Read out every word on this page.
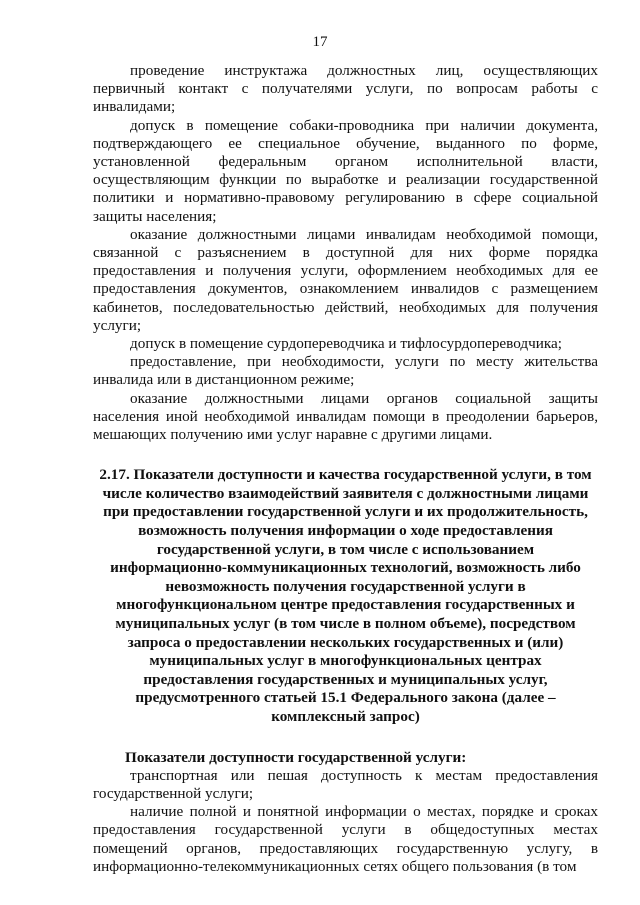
17

проведение инструктажа должностных лиц, осуществляющих первичный контакт с получателями услуги, по вопросам работы с инвалидами;

допуск в помещение собаки-проводника при наличии документа, подтверждающего ее специальное обучение, выданного по форме, установленной федеральным органом исполнительной власти, осуществляющим функции по выработке и реализации государственной политики и нормативно-правовому регулированию в сфере социальной защиты населения;

оказание должностными лицами инвалидам необходимой помощи, связанной с разъяснением в доступной для них форме порядка предоставления и получения услуги, оформлением необходимых для ее предоставления документов, ознакомлением инвалидов с размещением кабинетов, последовательностью действий, необходимых для получения услуги;

допуск в помещение сурдопереводчика и тифлосурдопереводчика;

предоставление, при необходимости, услуги по месту жительства инвалида или в дистанционном режиме;

оказание должностными лицами органов социальной защиты населения иной необходимой инвалидам помощи в преодолении барьеров, мешающих получению ими услуг наравне с другими лицами.

2.17. Показатели доступности и качества государственной услуги, в том числе количество взаимодействий заявителя с должностными лицами при предоставлении государственной услуги и их продолжительность, возможность получения информации о ходе предоставления государственной услуги, в том числе с использованием информационно-коммуникационных технологий, возможность либо невозможность получения государственной услуги в многофункциональном центре предоставления государственных и муниципальных услуг (в том числе в полном объеме), посредством запроса о предоставлении нескольких государственных и (или) муниципальных услуг в многофункциональных центрах предоставления государственных и муниципальных услуг, предусмотренного статьей 15.1 Федерального закона (далее – комплексный запрос)

Показатели доступности государственной услуги:

транспортная или пешая доступность к местам предоставления государственной услуги;

наличие полной и понятной информации о местах, порядке и сроках предоставления государственной услуги в общедоступных местах помещений органов, предоставляющих государственную услугу, в информационно-телекоммуникационных сетях общего пользования (в том
